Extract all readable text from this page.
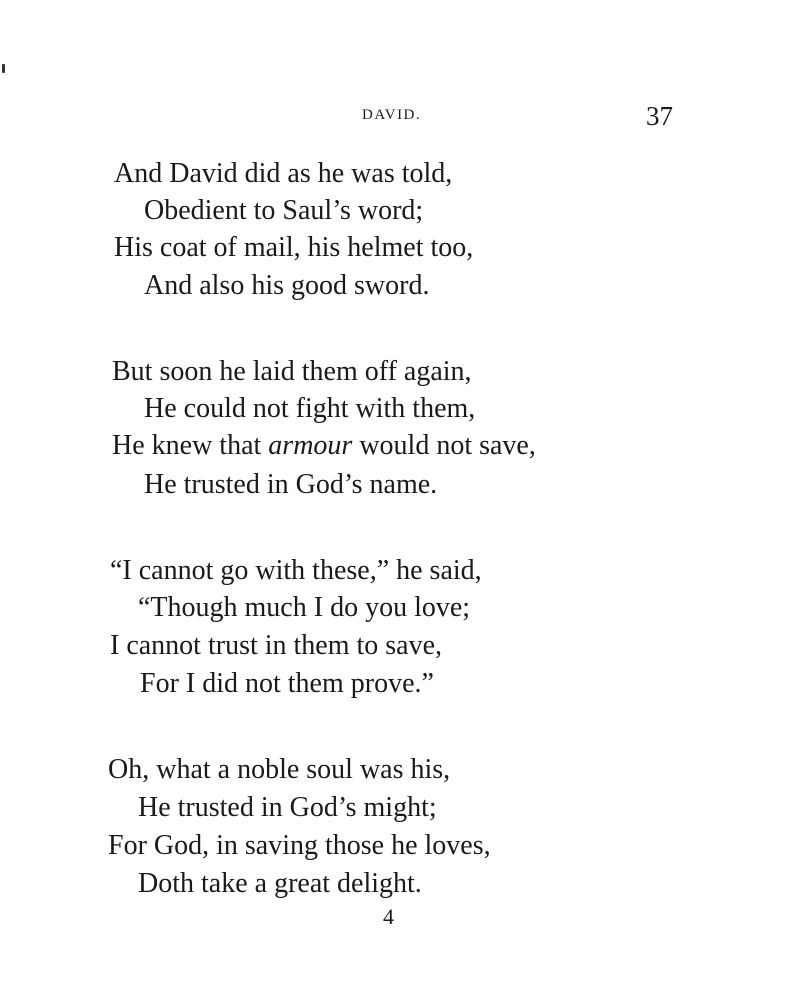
DAVID.	37
And David did as he was told,
Obedient to Saul’s word;
His coat of mail, his helmet too,
And also his good sword.
But soon he laid them off again,
He could not fight with them,
He knew that armour would not save,
He trusted in God’s name.
“I cannot go with these,” he said,
“Though much I do you love;
I cannot trust in them to save,
For I did not them prove.”
Oh, what a noble soul was his,
He trusted in God’s might;
For God, in saving those he loves,
Doth take a great delight.
4
